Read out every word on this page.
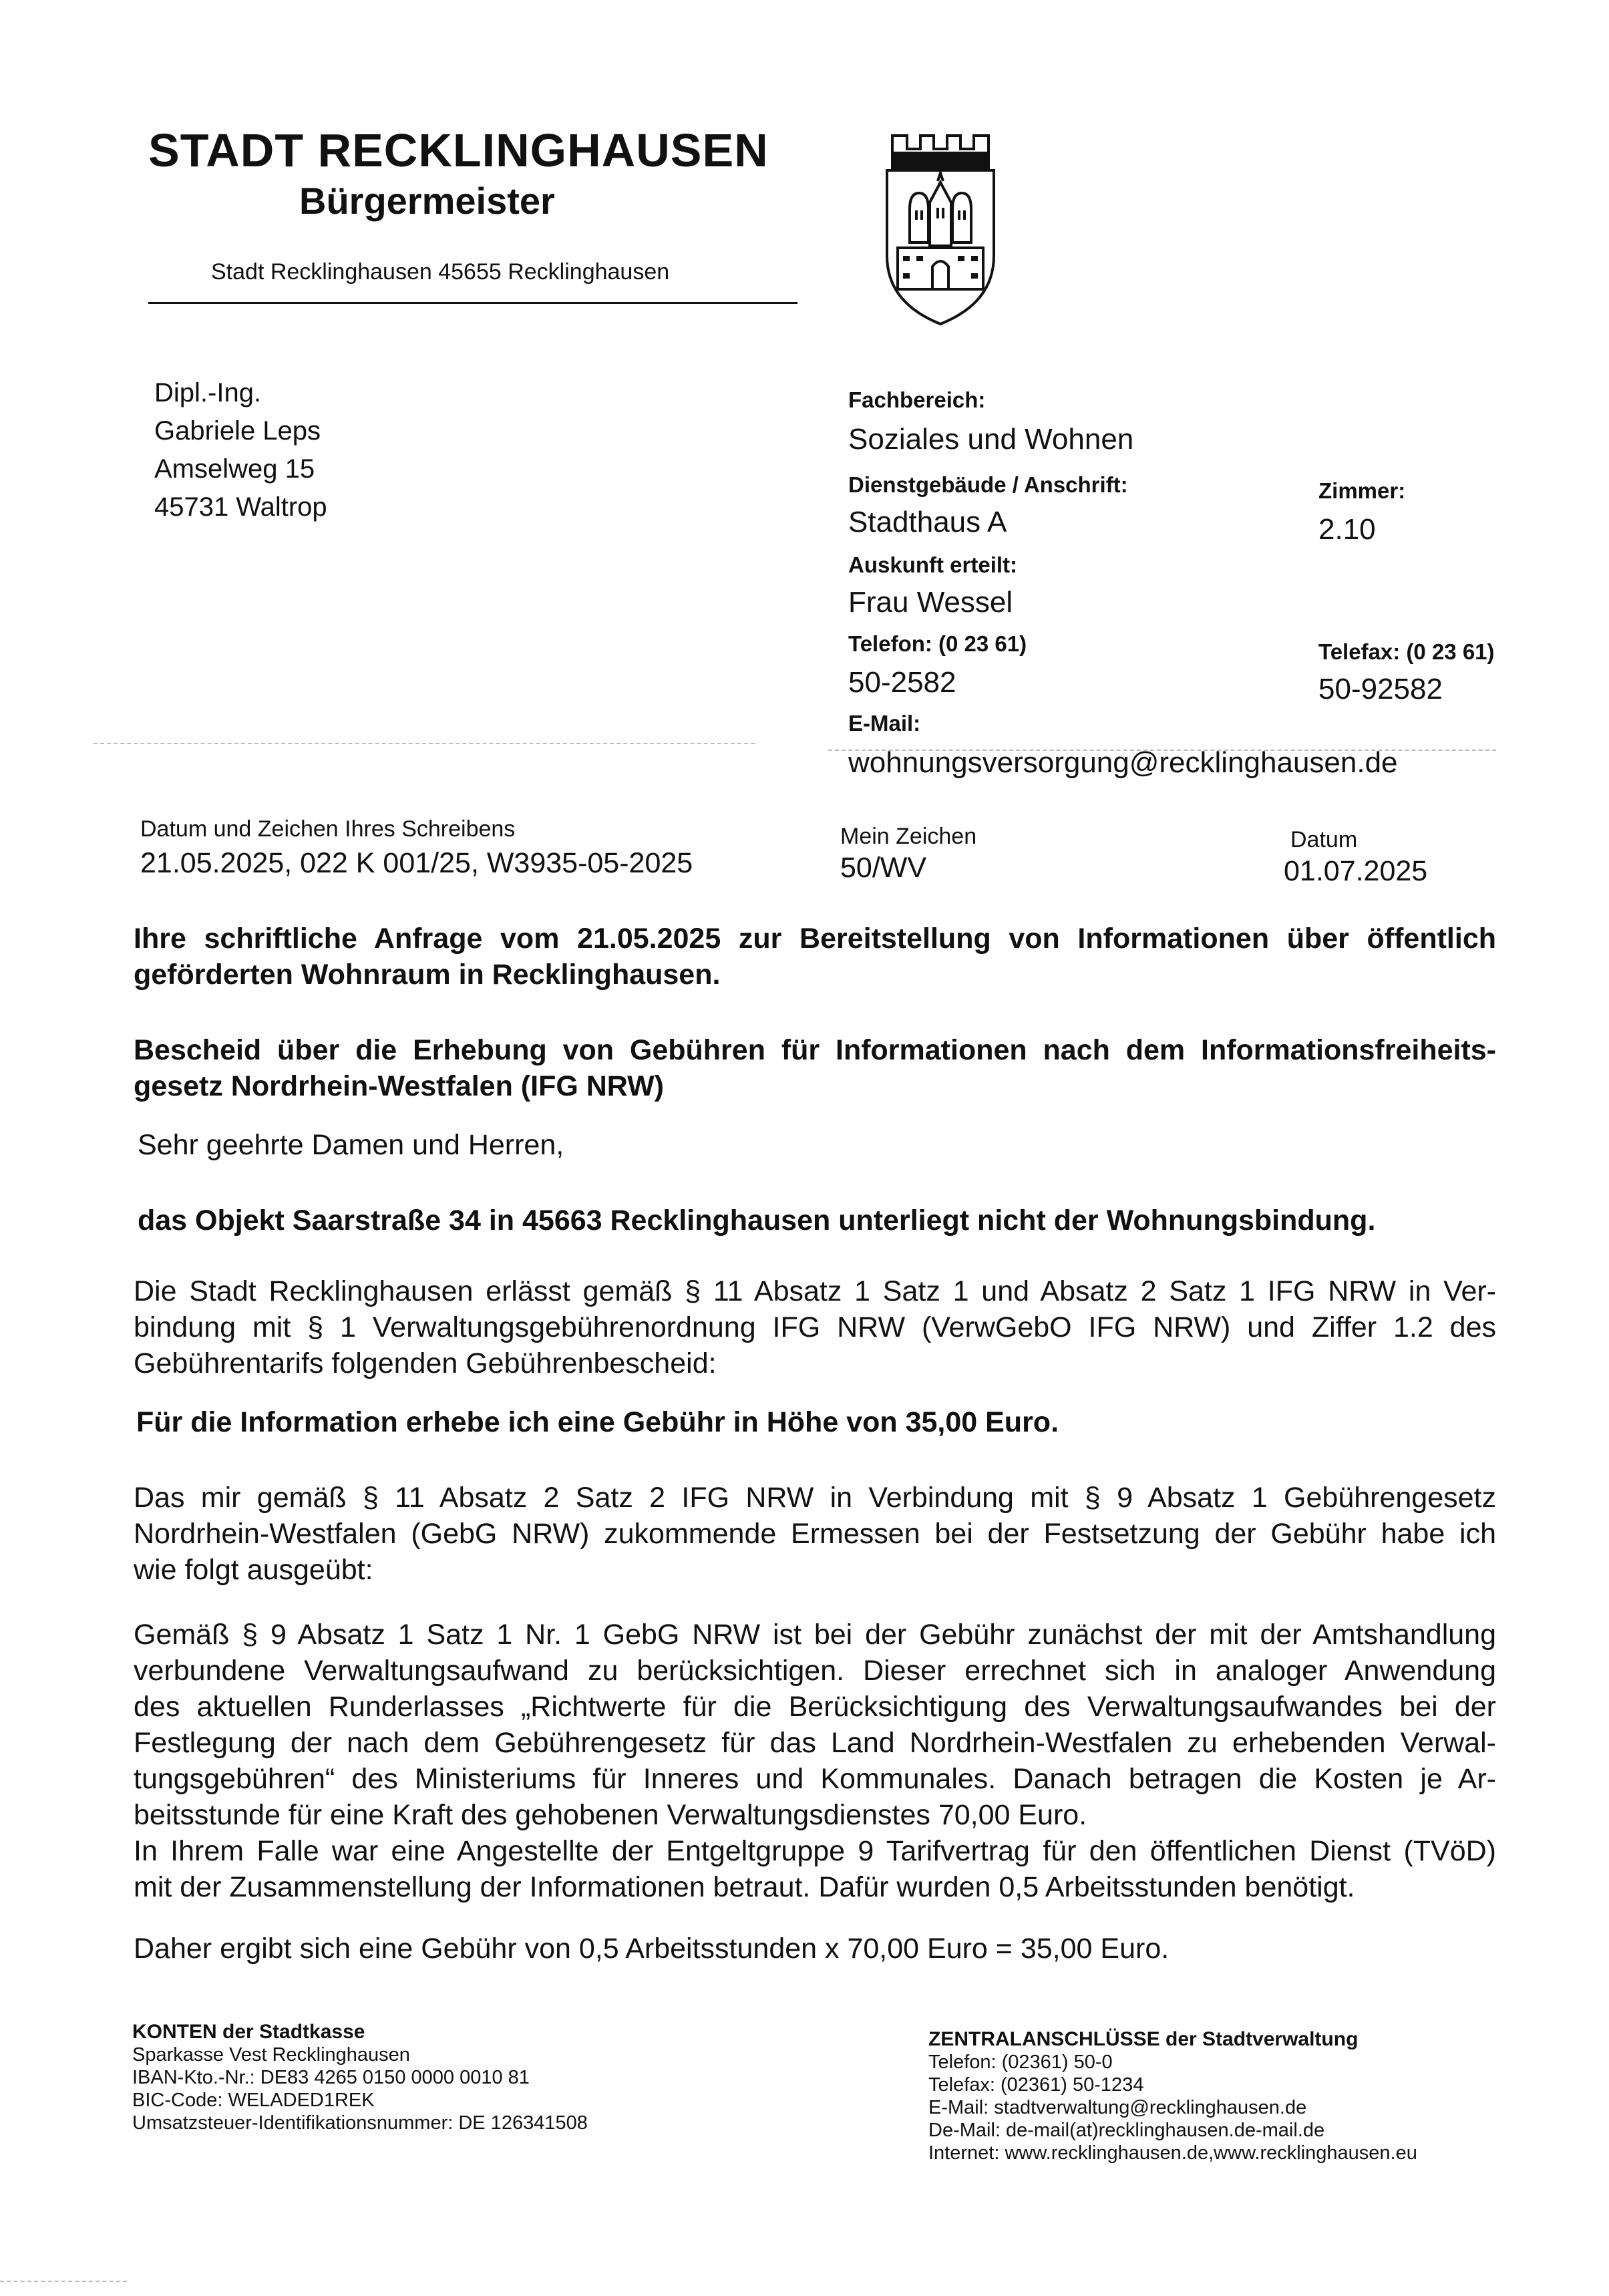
STADT RECKLINGHAUSEN
Bürgermeister
Stadt Recklinghausen 45655 Recklinghausen
Dipl.-Ing.
Gabriele Leps
Amselweg 15
45731 Waltrop
Fachbereich:
Soziales und Wohnen
Dienstgebäude / Anschrift:
Stadthaus A
Zimmer:
2.10
Auskunft erteilt:
Frau Wessel
Telefon: (0 23 61)
50-2582
Telefax: (0 23 61)
50-92582
E-Mail:
wohnungsversorgung@recklinghausen.de
Datum und Zeichen Ihres Schreibens
21.05.2025, 022 K 001/25, W3935-05-2025
Mein Zeichen
50/WV
Datum
01.07.2025
Ihre schriftliche Anfrage vom 21.05.2025 zur Bereitstellung von Informationen über öffentlich
geförderten Wohnraum in Recklinghausen.
Bescheid über die Erhebung von Gebühren für Informationen nach dem Informationsfreiheits-
gesetz Nordrhein-Westfalen (IFG NRW)
Sehr geehrte Damen und Herren,
das Objekt Saarstraße 34 in 45663 Recklinghausen unterliegt nicht der Wohnungsbindung.
Die Stadt Recklinghausen erlässt gemäß § 11 Absatz 1 Satz 1 und Absatz 2 Satz 1 IFG NRW in Ver-
bindung mit § 1 Verwaltungsgebührenordnung IFG NRW (VerwGebO IFG NRW) und Ziffer 1.2 des
Gebührentarifs folgenden Gebührenbescheid:
Für die Information erhebe ich eine Gebühr in Höhe von 35,00 Euro.
Das mir gemäß § 11 Absatz 2 Satz 2 IFG NRW in Verbindung mit § 9 Absatz 1 Gebührengesetz
Nordrhein-Westfalen (GebG NRW) zukommende Ermessen bei der Festsetzung der Gebühr habe ich
wie folgt ausgeübt:
Gemäß § 9 Absatz 1 Satz 1 Nr. 1 GebG NRW ist bei der Gebühr zunächst der mit der Amtshandlung
verbundene Verwaltungsaufwand zu berücksichtigen. Dieser errechnet sich in analoger Anwendung
des aktuellen Runderlasses „Richtwerte für die Berücksichtigung des Verwaltungsaufwandes bei der
Festlegung der nach dem Gebührengesetz für das Land Nordrhein-Westfalen zu erhebenden Verwal-
tungsgebühren“ des Ministeriums für Inneres und Kommunales. Danach betragen die Kosten je Ar-
beitsstunde für eine Kraft des gehobenen Verwaltungsdienstes 70,00 Euro.
In Ihrem Falle war eine Angestellte der Entgeltgruppe 9 Tarifvertrag für den öffentlichen Dienst (TVöD)
mit der Zusammenstellung der Informationen betraut. Dafür wurden 0,5 Arbeitsstunden benötigt.
Daher ergibt sich eine Gebühr von 0,5 Arbeitsstunden x 70,00 Euro = 35,00 Euro.
KONTEN der Stadtkasse
Sparkasse Vest Recklinghausen
IBAN-Kto.-Nr.: DE83 4265 0150 0000 0010 81
BIC-Code: WELADED1REK
Umsatzsteuer-Identifikationsnummer: DE 126341508
ZENTRALANSCHLÜSSE der Stadtverwaltung
Telefon: (02361) 50-0
Telefax: (02361) 50-1234
E-Mail: stadtverwaltung@recklinghausen.de
De-Mail: de-mail(at)recklinghausen.de-mail.de
Internet: www.recklinghausen.de,www.recklinghausen.eu
